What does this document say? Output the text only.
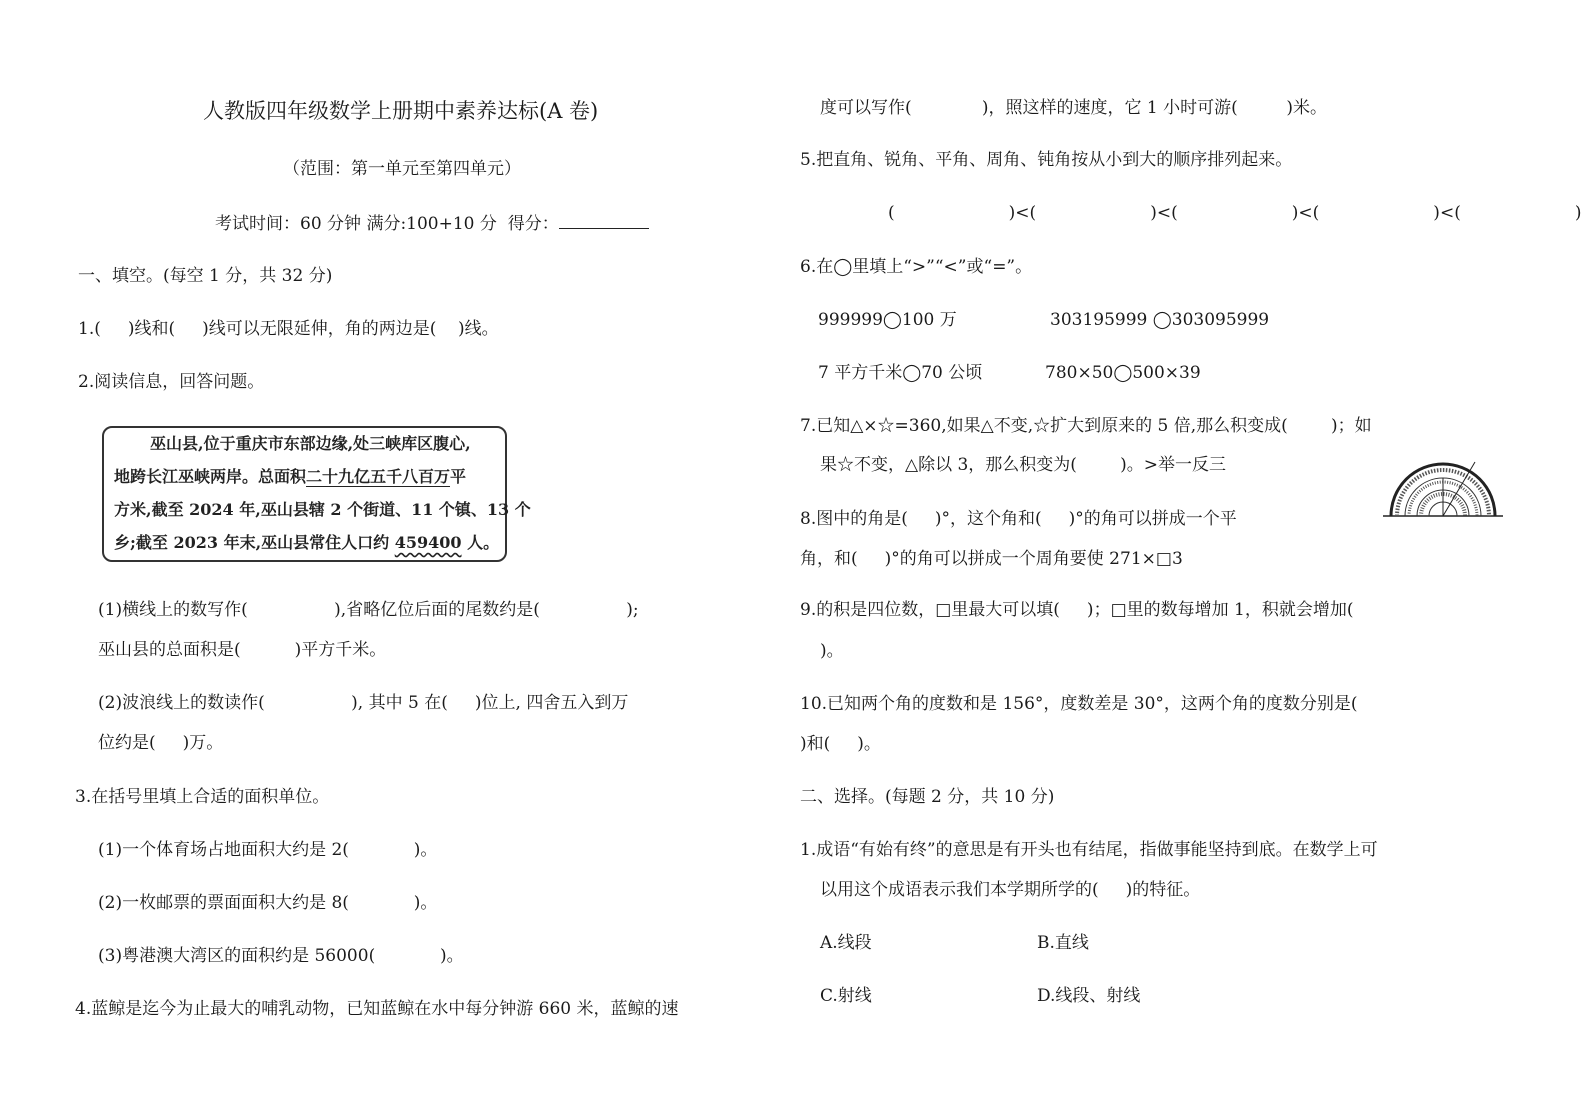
人教版四年级数学上册期中素养达标(A 卷)
（范围：第一单元至第四单元）
考试时间：60 分钟 满分:100+10 分  得分：
一、填空。(每空 1 分，共 32 分)
1.(     )线和(     )线可以无限延伸，角的两边是(    )线。
2.阅读信息，回答问题。
巫山县,位于重庆市东部边缘,处三峡库区腹心,
地跨长江巫峡两岸。总面积二十九亿五千八百万平
方米,截至 2024 年,巫山县辖 2 个街道、11 个镇、13 个
乡;截至 2023 年末,巫山县常住人口约 459400 人。
(1)横线上的数写作(                ),省略亿位后面的尾数约是(                );
巫山县的总面积是(          )平方千米。
(2)波浪线上的数读作(                ), 其中 5 在(     )位上, 四舍五入到万
位约是(     )万。
3.在括号里填上合适的面积单位。
(1)一个体育场占地面积大约是 2(            )。
(2)一枚邮票的票面面积大约是 8(            )。
(3)粤港澳大湾区的面积约是 56000(            )。
4.蓝鲸是迄今为止最大的哺乳动物，已知蓝鲸在水中每分钟游 660 米，蓝鲸的速
度可以写作(             )，照这样的速度，它 1 小时可游(         )米。
5.把直角、锐角、平角、周角、钝角按从小到大的顺序排列起来。
(          )<(          )<(          )<(          )<(          )
6.在◯里填上“>”“<”或“=”。
999999◯100 万	303195999 ◯303095999
7 平方千米◯70 公顷	780×50◯500×39
7.已知△×☆=360,如果△不变,☆扩大到原来的 5 倍,那么积变成(        )；如
果☆不变，△除以 3，那么积变为(        )。>举一反三
8.图中的角是(     )°，这个角和(     )°的角可以拼成一个平
角，和(     )°的角可以拼成一个周角要使 271×□3
9.的积是四位数，□里最大可以填(     )；□里的数每增加 1，积就会增加(
)。
10.已知两个角的度数和是 156°，度数差是 30°，这两个角的度数分别是(
)和(     )。
二、选择。(每题 2 分，共 10 分)
1.成语“有始有终”的意思是有开头也有结尾，指做事能坚持到底。在数学上可
以用这个成语表示我们本学期所学的(     )的特征。
A.线段	B.直线
C.射线	D.线段、射线
